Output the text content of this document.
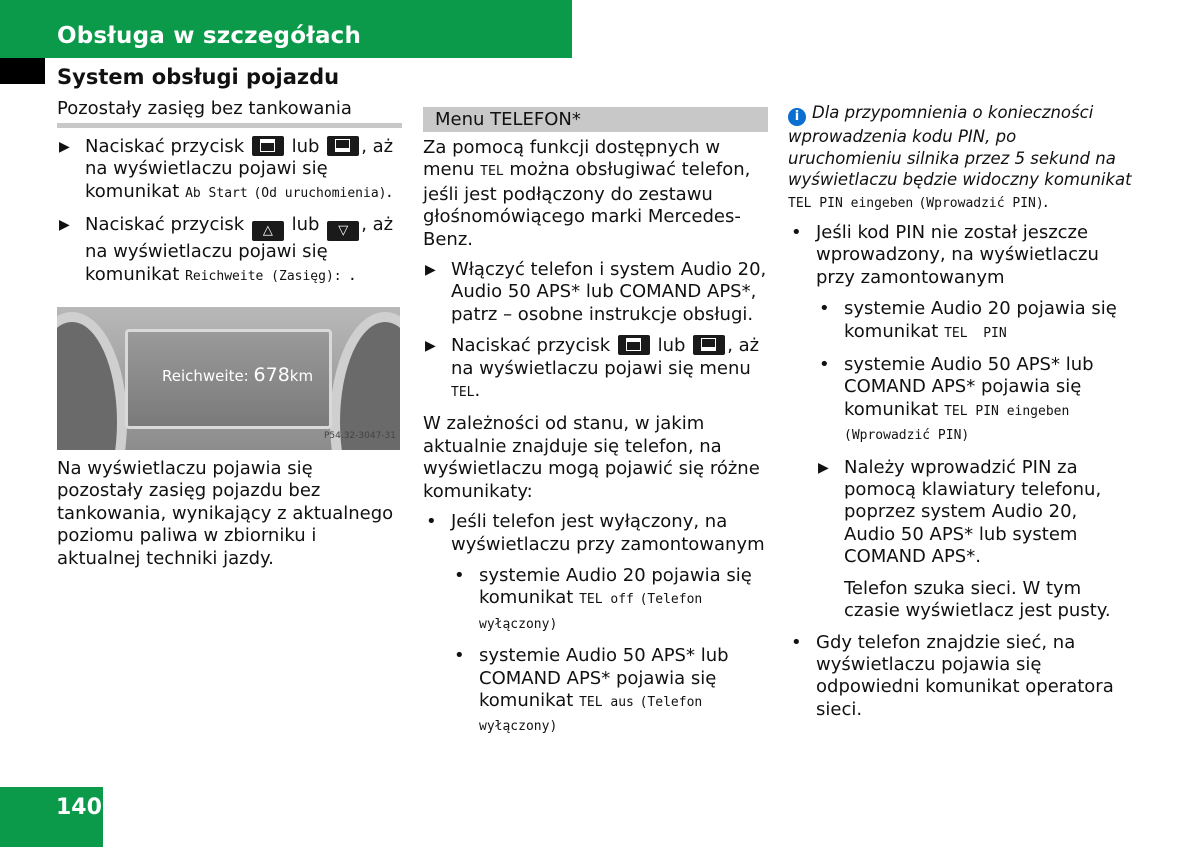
Obsługa w szczegółach
System obsługi pojazdu
Pozostały zasięg bez tankowania
▶ Naciskać przycisk	lub , aż na wyświetlaczu pojawi się komunikat Ab Start (Od uruchomienia).
▶ Naciskać przycisk △ lub ▽ , aż na wyświetlaczu pojawi się komunikat Reichweite (Zasięg): .
Reichweite: 678km
P54.32-3047-31

Na wyświetlaczu pojawia się pozostały zasięg pojazdu bez tankowania, wynikający z aktualnego poziomu paliwa w zbiorniku i aktualnej techniki jazdy.

Menu TELEFON*

Za pomocą funkcji dostępnych w menu TEL można obsługiwać telefon, jeśli jest podłączony do zestawu głośnomówiącego marki Mercedes-Benz.

▶ Włączyć telefon i system Audio 20, Audio 50 APS* lub COMAND APS*, patrz – osobne instrukcje obsługi.
▶ Naciskać przycisk	lub , aż na wyświetlaczu pojawi się menu TEL.

W zależności od stanu, w jakim aktualnie znajduje się telefon, na wyświetlaczu mogą pojawić się różne komunikaty:

• Jeśli telefon jest wyłączony, na wyświetlaczu przy zamontowanym
• systemie Audio 20 pojawia się komunikat TEL off (Telefon wyłączony)
• systemie Audio 50 APS* lub COMAND APS* pojawia się komunikat TEL aus (Telefon wyłączony)

i Dla przypomnienia o konieczności wprowadzenia kodu PIN, po uruchomieniu silnika przez 5 sekund na wyświetlaczu będzie widoczny komunikat TEL PIN eingeben (Wprowadzić PIN).

• Jeśli kod PIN nie został jeszcze wprowadzony, na wyświetlaczu przy zamontowanym
• systemie Audio 20 pojawia się komunikat TEL  PIN
• systemie Audio 50 APS* lub COMAND APS* pojawia się komunikat TEL PIN eingeben (Wprowadzić PIN)
▶ Należy wprowadzić PIN za pomocą klawiatury telefonu, poprzez system Audio 20, Audio 50 APS* lub system COMAND APS*.
Telefon szuka sieci. W tym czasie wyświetlacz jest pusty.
• Gdy telefon znajdzie sieć, na wyświetlaczu pojawia się odpowiedni komunikat operatora sieci.
140
